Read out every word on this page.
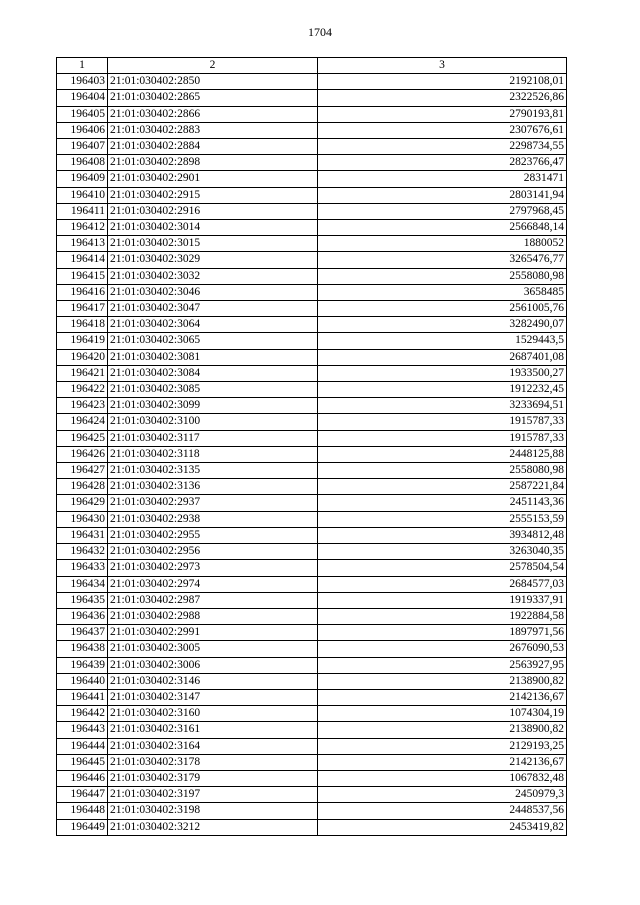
1704
1	2	3
196403	21:01:030402:2850	2192108,01
196404	21:01:030402:2865	2322526,86
196405	21:01:030402:2866	2790193,81
196406	21:01:030402:2883	2307676,61
196407	21:01:030402:2884	2298734,55
196408	21:01:030402:2898	2823766,47
196409	21:01:030402:2901	2831471
196410	21:01:030402:2915	2803141,94
196411	21:01:030402:2916	2797968,45
196412	21:01:030402:3014	2566848,14
196413	21:01:030402:3015	1880052
196414	21:01:030402:3029	3265476,77
196415	21:01:030402:3032	2558080,98
196416	21:01:030402:3046	3658485
196417	21:01:030402:3047	2561005,76
196418	21:01:030402:3064	3282490,07
196419	21:01:030402:3065	1529443,5
196420	21:01:030402:3081	2687401,08
196421	21:01:030402:3084	1933500,27
196422	21:01:030402:3085	1912232,45
196423	21:01:030402:3099	3233694,51
196424	21:01:030402:3100	1915787,33
196425	21:01:030402:3117	1915787,33
196426	21:01:030402:3118	2448125,88
196427	21:01:030402:3135	2558080,98
196428	21:01:030402:3136	2587221,84
196429	21:01:030402:2937	2451143,36
196430	21:01:030402:2938	2555153,59
196431	21:01:030402:2955	3934812,48
196432	21:01:030402:2956	3263040,35
196433	21:01:030402:2973	2578504,54
196434	21:01:030402:2974	2684577,03
196435	21:01:030402:2987	1919337,91
196436	21:01:030402:2988	1922884,58
196437	21:01:030402:2991	1897971,56
196438	21:01:030402:3005	2676090,53
196439	21:01:030402:3006	2563927,95
196440	21:01:030402:3146	2138900,82
196441	21:01:030402:3147	2142136,67
196442	21:01:030402:3160	1074304,19
196443	21:01:030402:3161	2138900,82
196444	21:01:030402:3164	2129193,25
196445	21:01:030402:3178	2142136,67
196446	21:01:030402:3179	1067832,48
196447	21:01:030402:3197	2450979,3
196448	21:01:030402:3198	2448537,56
196449	21:01:030402:3212	2453419,82
